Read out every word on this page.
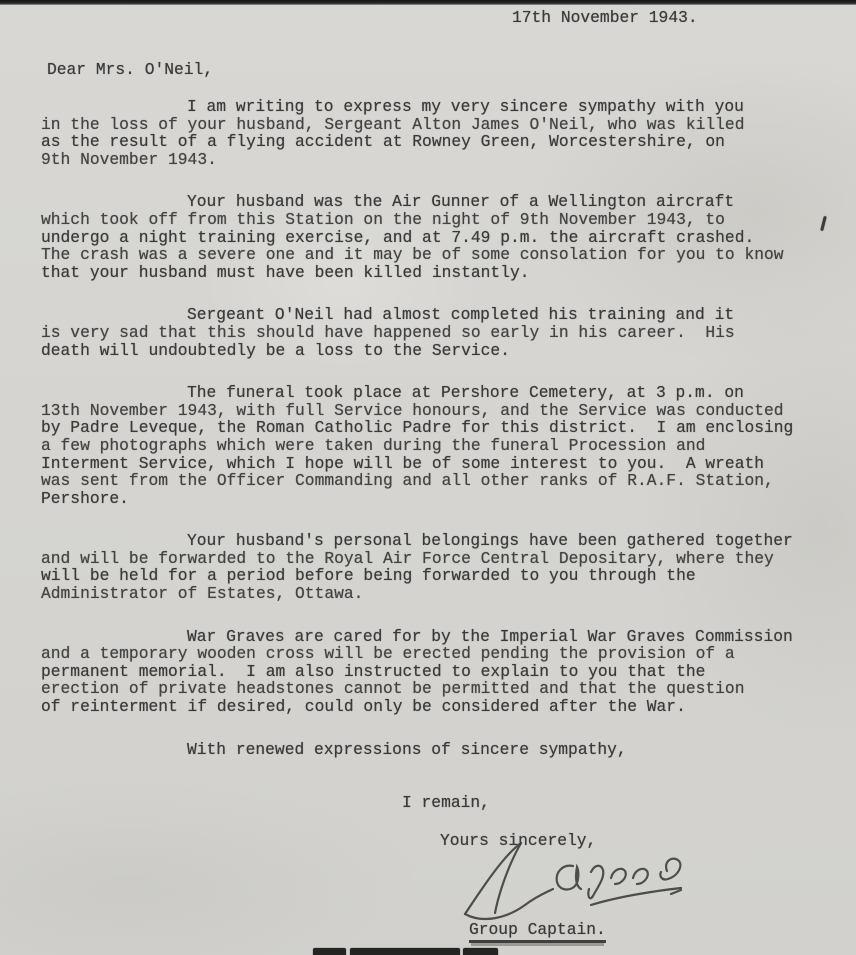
17th November 1943.
Dear Mrs. O'Neil,
I am writing to express my very sincere sympathy with you
in the loss of your husband, Sergeant Alton James O'Neil, who was killed
as the result of a flying accident at Rowney Green, Worcestershire, on
9th November 1943.
Your husband was the Air Gunner of a Wellington aircraft
which took off from this Station on the night of 9th November 1943, to
undergo a night training exercise, and at 7.49 p.m. the aircraft crashed.
The crash was a severe one and it may be of some consolation for you to know
that your husband must have been killed instantly.
Sergeant O'Neil had almost completed his training and it
is very sad that this should have happened so early in his career.  His
death will undoubtedly be a loss to the Service.
The funeral took place at Pershore Cemetery, at 3 p.m. on
13th November 1943, with full Service honours, and the Service was conducted
by Padre Leveque, the Roman Catholic Padre for this district.  I am enclosing
a few photographs which were taken during the funeral Procession and
Interment Service, which I hope will be of some interest to you.  A wreath
was sent from the Officer Commanding and all other ranks of R.A.F. Station,
Pershore.
Your husband's personal belongings have been gathered together
and will be forwarded to the Royal Air Force Central Depositary, where they
will be held for a period before being forwarded to you through the
Administrator of Estates, Ottawa.
War Graves are cared for by the Imperial War Graves Commission
and a temporary wooden cross will be erected pending the provision of a
permanent memorial.  I am also instructed to explain to you that the
erection of private headstones cannot be permitted and that the question
of reinterment if desired, could only be considered after the War.
With renewed expressions of sincere sympathy,
I remain,
Yours sincerely,
Group Captain.
